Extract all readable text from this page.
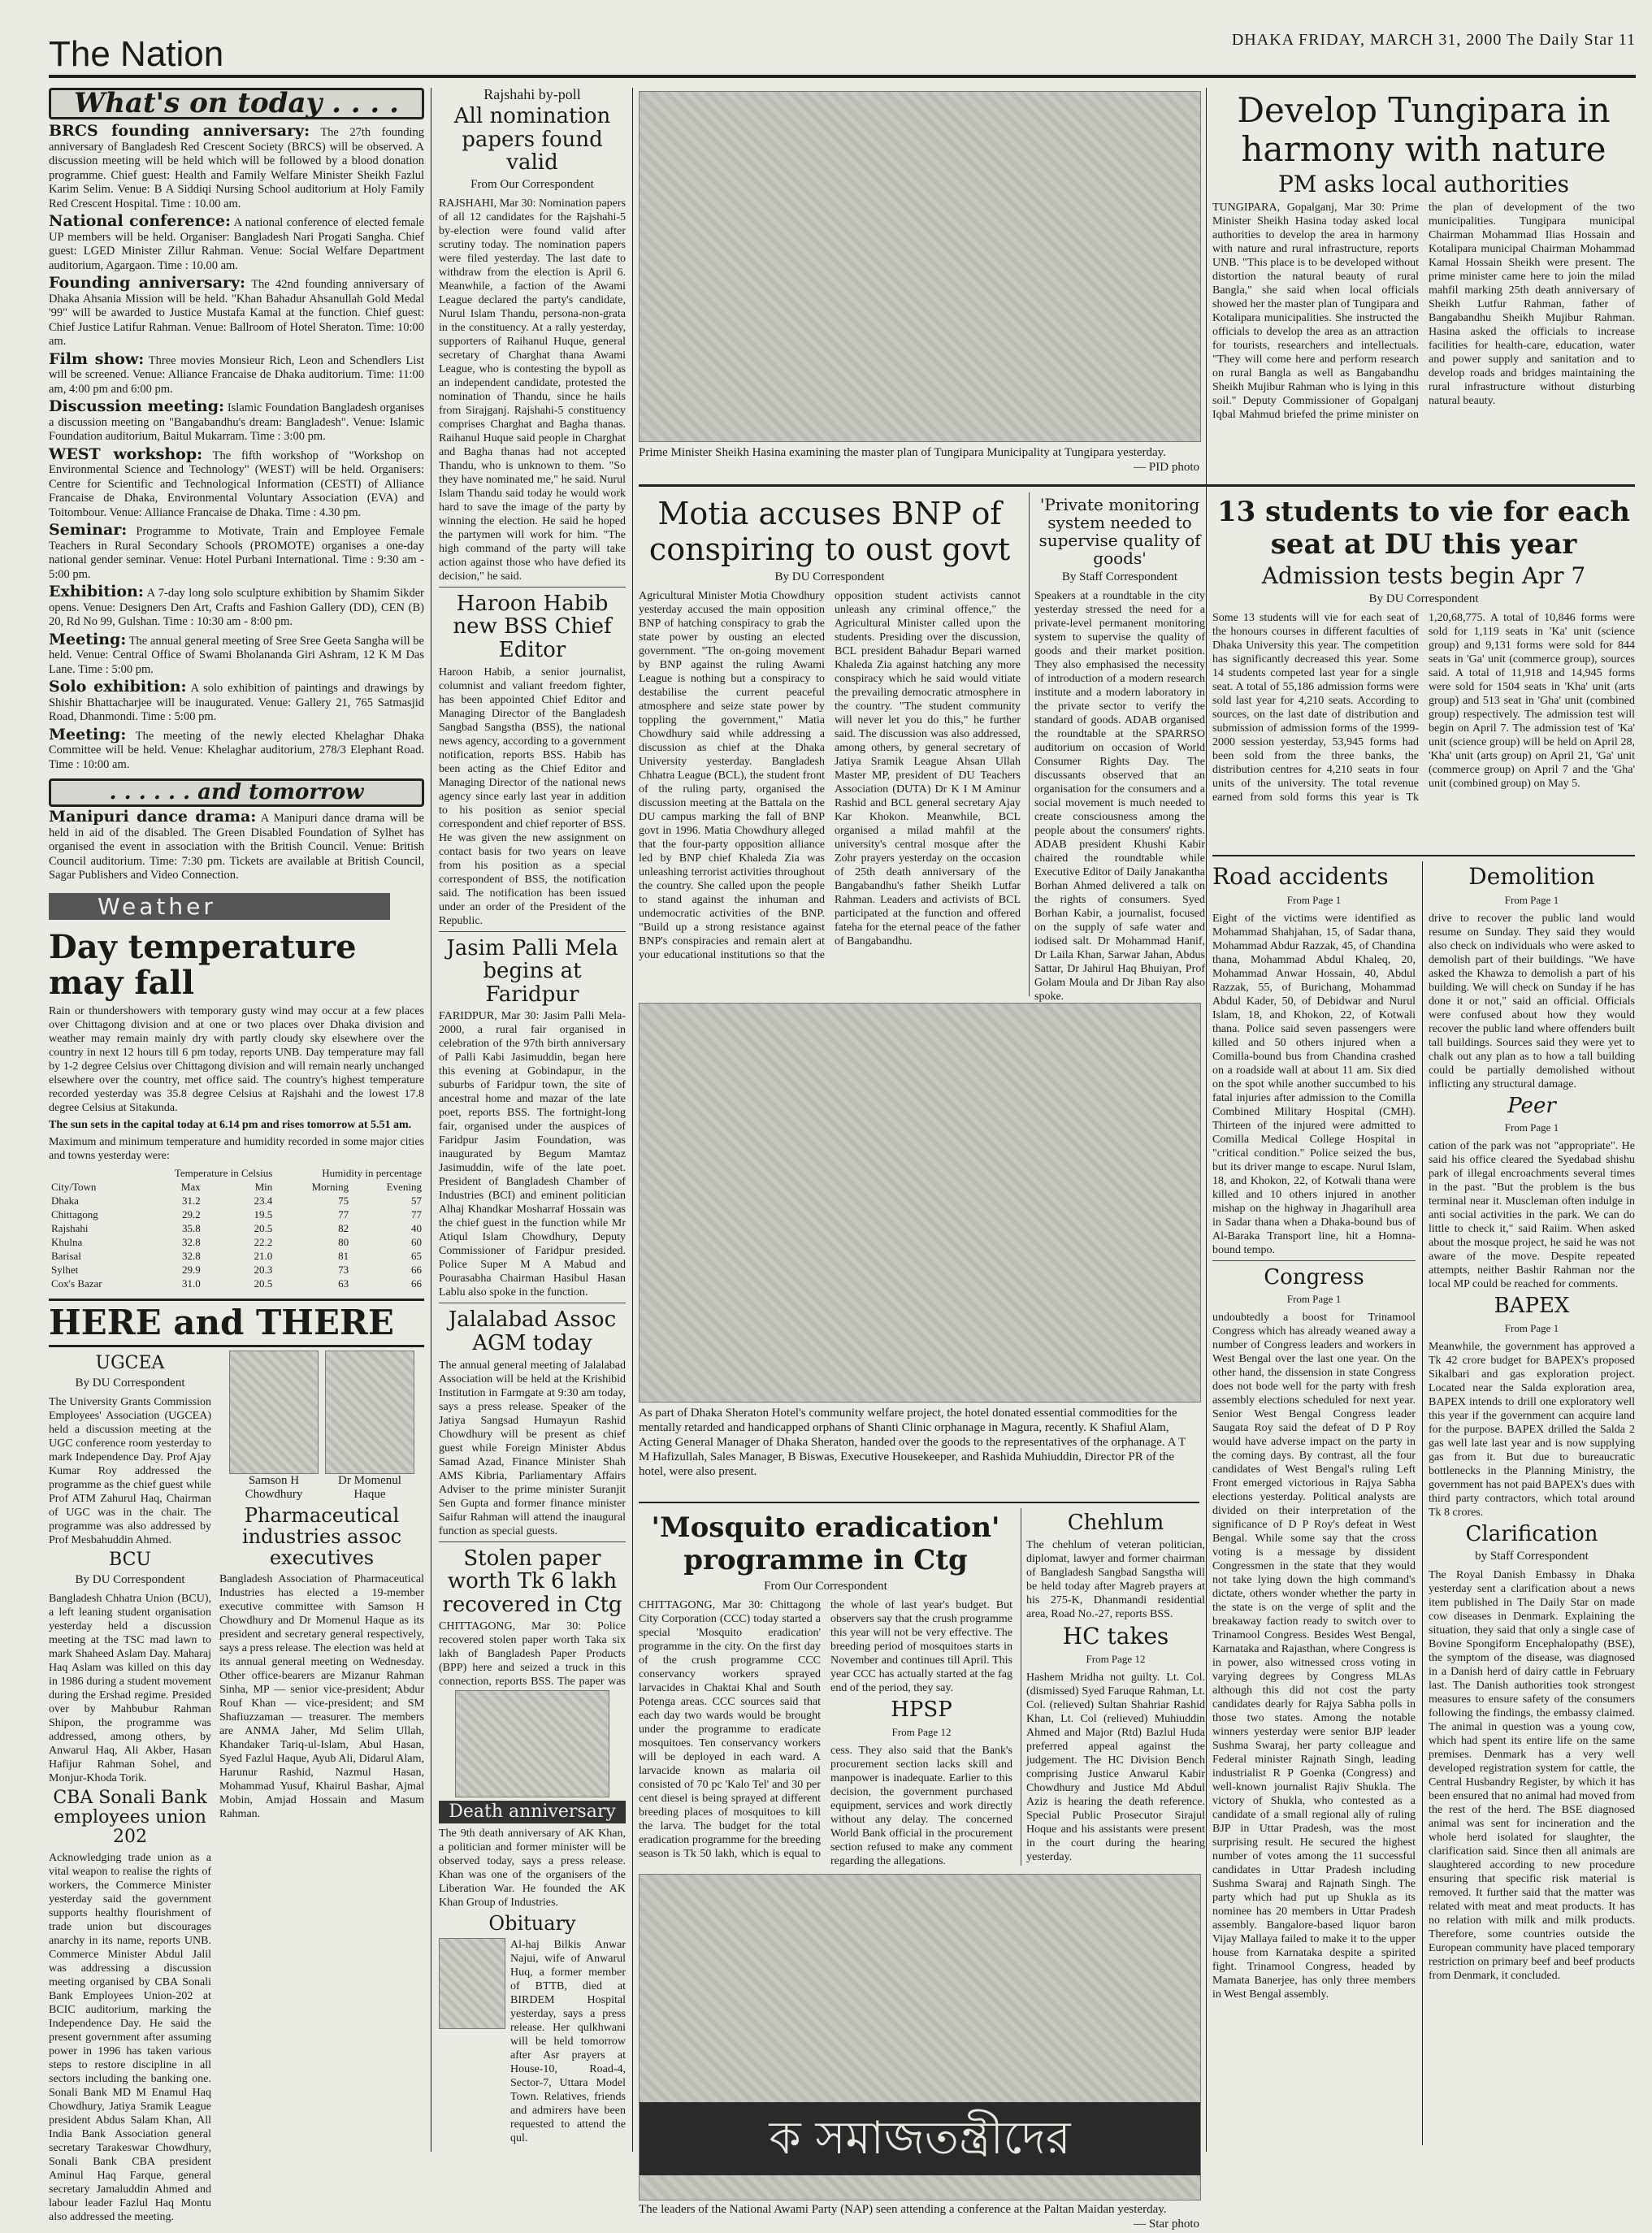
The Nation	DHAKA FRIDAY, MARCH 31, 2000 The Daily Star 11
What's on today . . . .

BRCS founding anniversary: The 27th founding anniversary of Bangladesh Red Crescent Society (BRCS) will be observed. A discussion meeting will be held which will be followed by a blood donation programme. Chief guest: Health and Family Welfare Minister Sheikh Fazlul Karim Selim. Venue: B A Siddiqi Nursing School auditorium at Holy Family Red Crescent Hospital. Time : 10.00 am.

National conference: A national conference of elected female UP members will be held. Organiser: Bangladesh Nari Progati Sangha. Chief guest: LGED Minister Zillur Rahman. Venue: Social Welfare Department auditorium, Agargaon. Time : 10.00 am.

Founding anniversary: The 42nd founding anniversary of Dhaka Ahsania Mission will be held. "Khan Bahadur Ahsanullah Gold Medal '99" will be awarded to Justice Mustafa Kamal at the function. Chief guest: Chief Justice Latifur Rahman. Venue: Ballroom of Hotel Sheraton. Time: 10:00 am.

Film show: Three movies Monsieur Rich, Leon and Schendlers List will be screened. Venue: Alliance Francaise de Dhaka auditorium. Time: 11:00 am, 4:00 pm and 6:00 pm.

Discussion meeting: Islamic Foundation Bangladesh organises a discussion meeting on "Bangabandhu's dream: Bangladesh". Venue: Islamic Foundation auditorium, Baitul Mukarram. Time : 3:00 pm.

WEST workshop: The fifth workshop of "Workshop on Environmental Science and Technology" (WEST) will be held. Organisers: Centre for Scientific and Technological Information (CESTI) of Alliance Francaise de Dhaka, Environmental Voluntary Association (EVA) and Toitombour. Venue: Alliance Francaise de Dhaka. Time : 4.30 pm.

Seminar: Programme to Motivate, Train and Employee Female Teachers in Rural Secondary Schools (PROMOTE) organises a one-day national gender seminar. Venue: Hotel Purbani International. Time : 9:30 am - 5:00 pm.

Exhibition: A 7-day long solo sculpture exhibition by Shamim Sikder opens. Venue: Designers Den Art, Crafts and Fashion Gallery (DD), CEN (B) 20, Rd No 99, Gulshan. Time : 10:30 am - 8:00 pm.

Meeting: The annual general meeting of Sree Sree Geeta Sangha will be held. Venue: Central Office of Swami Bholananda Giri Ashram, 12 K M Das Lane. Time : 5:00 pm.

Solo exhibition: A solo exhibition of paintings and drawings by Shishir Bhattacharjee will be inaugurated. Venue: Gallery 21, 765 Satmasjid Road, Dhanmondi. Time : 5:00 pm.

Meeting: The meeting of the newly elected Khelaghar Dhaka Committee will be held. Venue: Khelaghar auditorium, 278/3 Elephant Road. Time : 10:00 am.

. . . . . . and tomorrow

Manipuri dance drama: A Manipuri dance drama will be held in aid of the disabled. The Green Disabled Foundation of Sylhet has organised the event in association with the British Council. Venue: British Council auditorium. Time: 7:30 pm. Tickets are available at British Council, Sagar Publishers and Video Connection.

Weather
Day temperature may fall

Rain or thundershowers with temporary gusty wind may occur at a few places over Chittagong division and at one or two places over Dhaka division and weather may remain mainly dry with partly cloudy sky elsewhere over the country in next 12 hours till 6 pm today, reports UNB. Day temperature may fall by 1-2 degree Celsius over Chittagong division and will remain nearly unchanged elsewhere over the country, met office said. The country's highest temperature recorded yesterday was 35.8 degree Celsius at Rajshahi and the lowest 17.8 degree Celsius at Sitakunda.

The sun sets in the capital today at 6.14 pm and rises tomorrow at 5.51 am.

Maximum and minimum temperature and humidity recorded in some major cities and towns yesterday were:

	Temperature in Celsius		Humidity in percentage	
City/Town	Max	Min	Morning	Evening
Dhaka	31.2	23.4	75	57
Chittagong	29.2	19.5	77	77
Rajshahi	35.8	20.5	82	40
Khulna	32.8	22.2	80	60
Barisal	32.8	21.0	81	65
Sylhet	29.9	20.3	73	66
Cox's Bazar	31.0	20.5	63	66
HERE and THERE
UGCEA
By DU Correspondent

The University Grants Commission Employees' Association (UGCEA) held a discussion meeting at the UGC conference room yesterday to mark Independence Day. Prof Ajay Kumar Roy addressed the programme as the chief guest while Prof ATM Zahurul Haq, Chairman of UGC was in the chair. The programme was also addressed by Prof Mesbahuddin Ahmed.

BCU
By DU Correspondent

Bangladesh Chhatra Union (BCU), a left leaning student organisation yesterday held a discussion meeting at the TSC mad lawn to mark Shaheed Aslam Day. Maharaj Haq Aslam was killed on this day in 1986 during a student movement during the Ershad regime. Presided over by Mahbubur Rahman Shipon, the programme was addressed, among others, by Anwarul Haq, Ali Akber, Hasan Hafijur Rahman Sohel, and Monjur-Khoda Torik.

CBA Sonali Bank employees union 202

Acknowledging trade union as a vital weapon to realise the rights of workers, the Commerce Minister yesterday said the government supports healthy flourishment of trade union but discourages anarchy in its name, reports UNB. Commerce Minister Abdul Jalil was addressing a discussion meeting organised by CBA Sonali Bank Employees Union-202 at BCIC auditorium, marking the Independence Day. He said the present government after assuming power in 1996 has taken various steps to restore discipline in all sectors including the banking one. Sonali Bank MD M Enamul Haq Chowdhury, Jatiya Sramik League president Abdus Salam Khan, All India Bank Association general secretary Tarakeswar Chowdhury, Sonali Bank CBA president Aminul Haq Farque, general secretary Jamaluddin Ahmed and labour leader Fazlul Haq Montu also addressed the meeting.

Samson H Chowdhury
Dr Momenul Haque
Pharmaceutical industries assoc executives

Bangladesh Association of Pharmaceutical Industries has elected a 19-member executive committee with Samson H Chowdhury and Dr Momenul Haque as its president and secretary general respectively, says a press release. The election was held at its annual general meeting on Wednesday. Other office-bearers are Mizanur Rahman Sinha, MP — senior vice-president; Abdur Rouf Khan — vice-president; and SM Shafiuzzaman — treasurer. The members are ANMA Jaher, Md Selim Ullah, Khandaker Tariq-ul-Islam, Abul Hasan, Syed Fazlul Haque, Ayub Ali, Didarul Alam, Harunur Rashid, Nazmul Hasan, Mohammad Yusuf, Khairul Bashar, Ajmal Mobin, Amjad Hossain and Masum Rahman.

Rajshahi by-poll
All nomination papers found valid
From Our Correspondent

RAJSHAHI, Mar 30: Nomination papers of all 12 candidates for the Rajshahi-5 by-election were found valid after scrutiny today. The nomination papers were filed yesterday. The last date to withdraw from the election is April 6. Meanwhile, a faction of the Awami League declared the party's candidate, Nurul Islam Thandu, persona-non-grata in the constituency. At a rally yesterday, supporters of Raihanul Huque, general secretary of Charghat thana Awami League, who is contesting the bypoll as an independent candidate, protested the nomination of Thandu, since he hails from Sirajganj. Rajshahi-5 constituency comprises Charghat and Bagha thanas. Raihanul Huque said people in Charghat and Bagha thanas had not accepted Thandu, who is unknown to them. "So they have nominated me," he said. Nurul Islam Thandu said today he would work hard to save the image of the party by winning the election. He said he hoped the partymen will work for him. "The high command of the party will take action against those who have defied its decision," he said.

Haroon Habib new BSS Chief Editor

Haroon Habib, a senior journalist, columnist and valiant freedom fighter, has been appointed Chief Editor and Managing Director of the Bangladesh Sangbad Sangstha (BSS), the national news agency, according to a government notification, reports BSS. Habib has been acting as the Chief Editor and Managing Director of the national news agency since early last year in addition to his position as senior special correspondent and chief reporter of BSS. He was given the new assignment on contact basis for two years on leave from his position as a special correspondent of BSS, the notification said. The notification has been issued under an order of the President of the Republic.

Jasim Palli Mela begins at Faridpur

FARIDPUR, Mar 30: Jasim Palli Mela-2000, a rural fair organised in celebration of the 97th birth anniversary of Palli Kabi Jasimuddin, began here this evening at Gobindapur, in the suburbs of Faridpur town, the site of ancestral home and mazar of the late poet, reports BSS. The fortnight-long fair, organised under the auspices of Faridpur Jasim Foundation, was inaugurated by Begum Mamtaz Jasimuddin, wife of the late poet. President of Bangladesh Chamber of Industries (BCI) and eminent politician Alhaj Khandkar Mosharraf Hossain was the chief guest in the function while Mr Atiqul Islam Chowdhury, Deputy Commissioner of Faridpur presided. Police Super M A Mabud and Pourasabha Chairman Hasibul Hasan Lablu also spoke in the function.

Jalalabad Assoc AGM today

The annual general meeting of Jalalabad Association will be held at the Krishibid Institution in Farmgate at 9:30 am today, says a press release. Speaker of the Jatiya Sangsad Humayun Rashid Chowdhury will be present as chief guest while Foreign Minister Abdus Samad Azad, Finance Minister Shah AMS Kibria, Parliamentary Affairs Adviser to the prime minister Suranjit Sen Gupta and former finance minister Saifur Rahman will attend the inaugural function as special guests.

Stolen paper worth Tk 6 lakh recovered in Ctg

CHITTAGONG, Mar 30: Police recovered stolen paper worth Taka six lakh of Bangladesh Paper Products (BPP) here and seized a truck in this connection, reports BSS. The paper was

Death anniversary

The 9th death anniversary of AK Khan, a politician and former minister will be observed today, says a press release. Khan was one of the organisers of the Liberation War. He founded the AK Khan Group of Industries.

Obituary

Al-haj Bilkis Anwar Najui, wife of Anwarul Huq, a former member of BTTB, died at BIRDEM Hospital yesterday, says a press release. Her qulkhwani will be held tomorrow after Asr prayers at House-10, Road-4, Sector-7, Uttara Model Town. Relatives, friends and admirers have been requested to attend the qul.

Prime Minister Sheikh Hasina examining the master plan of Tungipara Municipality at Tungipara yesterday.
— PID photo
Develop Tungipara in harmony with nature
PM asks local authorities

TUNGIPARA, Gopalganj, Mar 30: Prime Minister Sheikh Hasina today asked local authorities to develop the area in harmony with nature and rural infrastructure, reports UNB. "This place is to be developed without distortion the natural beauty of rural Bangla," she said when local officials showed her the master plan of Tungipara and Kotalipara municipalities. She instructed the officials to develop the area as an attraction for tourists, researchers and intellectuals. "They will come here and perform research on rural Bangla as well as Bangabandhu Sheikh Mujibur Rahman who is lying in this soil." Deputy Commissioner of Gopalganj Iqbal Mahmud briefed the prime minister on the plan of development of the two municipalities. Tungipara municipal Chairman Mohammad Ilias Hossain and Kotalipara municipal Chairman Mohammad Kamal Hossain Sheikh were present. The prime minister came here to join the milad mahfil marking 25th death anniversary of Sheikh Lutfur Rahman, father of Bangabandhu Sheikh Mujibur Rahman. Hasina asked the officials to increase facilities for health-care, education, water and power supply and sanitation and to develop roads and bridges maintaining the rural infrastructure without disturbing natural beauty.

Motia accuses BNP of conspiring to oust govt
By DU Correspondent

Agricultural Minister Motia Chowdhury yesterday accused the main opposition BNP of hatching conspiracy to grab the state power by ousting an elected government. "The on-going movement by BNP against the ruling Awami League is nothing but a conspiracy to destabilise the current peaceful atmosphere and seize state power by toppling the government," Matia Chowdhury said while addressing a discussion as chief at the Dhaka University yesterday. Bangladesh Chhatra League (BCL), the student front of the ruling party, organised the discussion meeting at the Battala on the DU campus marking the fall of BNP govt in 1996. Matia Chowdhury alleged that the four-party opposition alliance led by BNP chief Khaleda Zia was unleashing terrorist activities throughout the country. She called upon the people to stand against the inhuman and undemocratic activities of the BNP. "Build up a strong resistance against BNP's conspiracies and remain alert at your educational institutions so that the opposition student activists cannot unleash any criminal offence," the Agricultural Minister called upon the students. Presiding over the discussion, BCL president Bahadur Bepari warned Khaleda Zia against hatching any more conspiracy which he said would vitiate the prevailing democratic atmosphere in the country. "The student community will never let you do this," he further said. The discussion was also addressed, among others, by general secretary of Jatiya Sramik League Ahsan Ullah Master MP, president of DU Teachers Association (DUTA) Dr K I M Aminur Rashid and BCL general secretary Ajay Kar Khokon. Meanwhile, BCL organised a milad mahfil at the university's central mosque after the Zohr prayers yesterday on the occasion of 25th death anniversary of the Bangabandhu's father Sheikh Lutfar Rahman. Leaders and activists of BCL participated at the function and offered fateha for the eternal peace of the father of Bangabandhu.

'Private monitoring system needed to supervise quality of goods'
By Staff Correspondent

Speakers at a roundtable in the city yesterday stressed the need for a private-level permanent monitoring system to supervise the quality of goods and their market position. They also emphasised the necessity of introduction of a modern research institute and a modern laboratory in the private sector to verify the standard of goods. ADAB organised the roundtable at the SPARRSO auditorium on occasion of World Consumer Rights Day. The discussants observed that an organisation for the consumers and a social movement is much needed to create consciousness among the people about the consumers' rights. ADAB president Khushi Kabir chaired the roundtable while Executive Editor of Daily Janakantha Borhan Ahmed delivered a talk on the rights of consumers. Syed Borhan Kabir, a journalist, focused on the supply of safe water and iodised salt. Dr Mohammad Hanif, Dr Laila Khan, Sarwar Jahan, Abdus Sattar, Dr Jahirul Haq Bhuiyan, Prof Golam Moula and Dr Jiban Ray also spoke.

As part of Dhaka Sheraton Hotel's community welfare project, the hotel donated essential commodities for the mentally retarded and handicapped orphans of Shanti Clinic orphanage in Magura, recently. K Shafiul Alam, Acting General Manager of Dhaka Sheraton, handed over the goods to the representatives of the orphanage. A T M Hafizullah, Sales Manager, B Biswas, Executive Housekeeper, and Rashida Muhiuddin, Director PR of the hotel, were also present.
13 students to vie for each seat at DU this year
Admission tests begin Apr 7
By DU Correspondent

Some 13 students will vie for each seat of the honours courses in different faculties of Dhaka University this year. The competition has significantly decreased this year. Some 14 students competed last year for a single seat. A total of 55,186 admission forms were sold last year for 4,210 seats. According to sources, on the last date of distribution and submission of admission forms of the 1999-2000 session yesterday, 53,945 forms had been sold from the three banks, the distribution centres for 4,210 seats in four units of the university. The total revenue earned from sold forms this year is Tk 1,20,68,775. A total of 10,846 forms were sold for 1,119 seats in 'Ka' unit (science group) and 9,131 forms were sold for 844 seats in 'Ga' unit (commerce group), sources said. A total of 11,918 and 14,945 forms were sold for 1504 seats in 'Kha' unit (arts group) and 513 seat in 'Gha' unit (combined group) respectively. The admission test will begin on April 7. The admission test of 'Ka' unit (science group) will be held on April 28, 'Kha' unit (arts group) on April 21, 'Ga' unit (commerce group) on April 7 and the 'Gha' unit (combined group) on May 5.

Road accidents
From Page 1

Eight of the victims were identified as Mohammad Shahjahan, 15, of Sadar thana, Mohammad Abdur Razzak, 45, of Chandina thana, Mohammad Abdul Khaleq, 20, Mohammad Anwar Hossain, 40, Abdul Razzak, 55, of Burichang, Mohammad Abdul Kader, 50, of Debidwar and Nurul Islam, 18, and Khokon, 22, of Kotwali thana. Police said seven passengers were killed and 50 others injured when a Comilla-bound bus from Chandina crashed on a roadside wall at about 11 am. Six died on the spot while another succumbed to his fatal injuries after admission to the Comilla Combined Military Hospital (CMH). Thirteen of the injured were admitted to Comilla Medical College Hospital in "critical condition." Police seized the bus, but its driver mange to escape. Nurul Islam, 18, and Khokon, 22, of Kotwali thana were killed and 10 others injured in another mishap on the highway in Jhagarihull area in Sadar thana when a Dhaka-bound bus of Al-Baraka Transport line, hit a Homna-bound tempo.

Congress
From Page 1

undoubtedly a boost for Trinamool Congress which has already weaned away a number of Congress leaders and workers in West Bengal over the last one year. On the other hand, the dissension in state Congress does not bode well for the party with fresh assembly elections scheduled for next year. Senior West Bengal Congress leader Saugata Roy said the defeat of D P Roy would have adverse impact on the party in the coming days. By contrast, all the four candidates of West Bengal's ruling Left Front emerged victorious in Rajya Sabha elections yesterday. Political analysts are divided on their interpretation of the significance of D P Roy's defeat in West Bengal. While some say that the cross voting is a message by dissident Congressmen in the state that they would not take lying down the high command's dictate, others wonder whether the party in the state is on the verge of split and the breakaway faction ready to switch over to Trinamool Congress. Besides West Bengal, Karnataka and Rajasthan, where Congress is in power, also witnessed cross voting in varying degrees by Congress MLAs although this did not cost the party candidates dearly for Rajya Sabha polls in those two states. Among the notable winners yesterday were senior BJP leader Sushma Swaraj, her party colleague and Federal minister Rajnath Singh, leading industrialist R P Goenka (Congress) and well-known journalist Rajiv Shukla. The victory of Shukla, who contested as a candidate of a small regional ally of ruling BJP in Uttar Pradesh, was the most surprising result. He secured the highest number of votes among the 11 successful candidates in Uttar Pradesh including Sushma Swaraj and Rajnath Singh. The party which had put up Shukla as its nominee has 20 members in Uttar Pradesh assembly. Bangalore-based liquor baron Vijay Mallaya failed to make it to the upper house from Karnataka despite a spirited fight. Trinamool Congress, headed by Mamata Banerjee, has only three members in West Bengal assembly.

Demolition
From Page 1

drive to recover the public land would resume on Sunday. They said they would also check on individuals who were asked to demolish part of their buildings. "We have asked the Khawza to demolish a part of his building. We will check on Sunday if he has done it or not," said an official. Officials were confused about how they would recover the public land where offenders built tall buildings. Sources said they were yet to chalk out any plan as to how a tall building could be partially demolished without inflicting any structural damage.

Peer
From Page 1

cation of the park was not "appropriate". He said his office cleared the Syedabad shishu park of illegal encroachments several times in the past. "But the problem is the bus terminal near it. Muscleman often indulge in anti social activities in the park. We can do little to check it," said Raiim. When asked about the mosque project, he said he was not aware of the move. Despite repeated attempts, neither Bashir Rahman nor the local MP could be reached for comments.

BAPEX
From Page 1

Meanwhile, the government has approved a Tk 42 crore budget for BAPEX's proposed Sikalbari and gas exploration project. Located near the Salda exploration area, BAPEX intends to drill one exploratory well this year if the government can acquire land for the purpose. BAPEX drilled the Salda 2 gas well late last year and is now supplying gas from it. But due to bureaucratic bottlenecks in the Planning Ministry, the government has not paid BAPEX's dues with third party contractors, which total around Tk 8 crores.

Clarification
by Staff Correspondent

The Royal Danish Embassy in Dhaka yesterday sent a clarification about a news item published in The Daily Star on made cow diseases in Denmark. Explaining the situation, they said that only a single case of Bovine Spongiform Encephalopathy (BSE), the symptom of the disease, was diagnosed in a Danish herd of dairy cattle in February last. The Danish authorities took strongest measures to ensure safety of the consumers following the findings, the embassy claimed. The animal in question was a young cow, which had spent its entire life on the same premises. Denmark has a very well developed registration system for cattle, the Central Husbandry Register, by which it has been ensured that no animal had moved from the rest of the herd. The BSE diagnosed animal was sent for incineration and the whole herd isolated for slaughter, the clarification said. Since then all animals are slaughtered according to new procedure ensuring that specific risk material is removed. It further said that the matter was related with meat and meat products. It has no relation with milk and milk products. Therefore, some countries outside the European community have placed temporary restriction on primary beef and beef products from Denmark, it concluded.

'Mosquito eradication' programme in Ctg
From Our Correspondent

CHITTAGONG, Mar 30: Chittagong City Corporation (CCC) today started a special 'Mosquito eradication' programme in the city. On the first day of the crush programme CCC conservancy workers sprayed larvacides in Chaktai Khal and South Potenga areas. CCC sources said that each day two wards would be brought under the programme to eradicate mosquitoes. Ten conservancy workers will be deployed in each ward. A larvacide known as malaria oil consisted of 70 pc 'Kalo Tel' and 30 per cent diesel is being sprayed at different breeding places of mosquitoes to kill the larva. The budget for the total eradication programme for the breeding season is Tk 50 lakh, which is equal to the whole of last year's budget. But observers say that the crush programme this year will not be very effective. The breeding period of mosquitoes starts in November and continues till April. This year CCC has actually started at the fag end of the period, they say.

HPSP
From Page 12

cess. They also said that the Bank's procurement section lacks skill and manpower is inadequate. Earlier to this decision, the government purchased equipment, services and work directly without any delay. The concerned World Bank official in the procurement section refused to make any comment regarding the allegations.

Chehlum

The chehlum of veteran politician, diplomat, lawyer and former chairman of Bangladesh Sangbad Sangstha will be held today after Magreb prayers at his 275-K, Dhanmandi residential area, Road No.-27, reports BSS.

HC takes
From Page 12

Hashem Mridha not guilty. Lt. Col. (dismissed) Syed Faruque Rahman, Lt. Col. (relieved) Sultan Shahriar Rashid Khan, Lt. Col (relieved) Muhiuddin Ahmed and Major (Rtd) Bazlul Huda preferred appeal against the judgement. The HC Division Bench comprising Justice Anwarul Kabir Chowdhury and Justice Md Abdul Aziz is hearing the death reference. Special Public Prosecutor Sirajul Hoque and his assistants were present in the court during the hearing yesterday.

ক সমাজতন্ত্রীদের
The leaders of the National Awami Party (NAP) seen attending a conference at the Paltan Maidan yesterday.
— Star photo
